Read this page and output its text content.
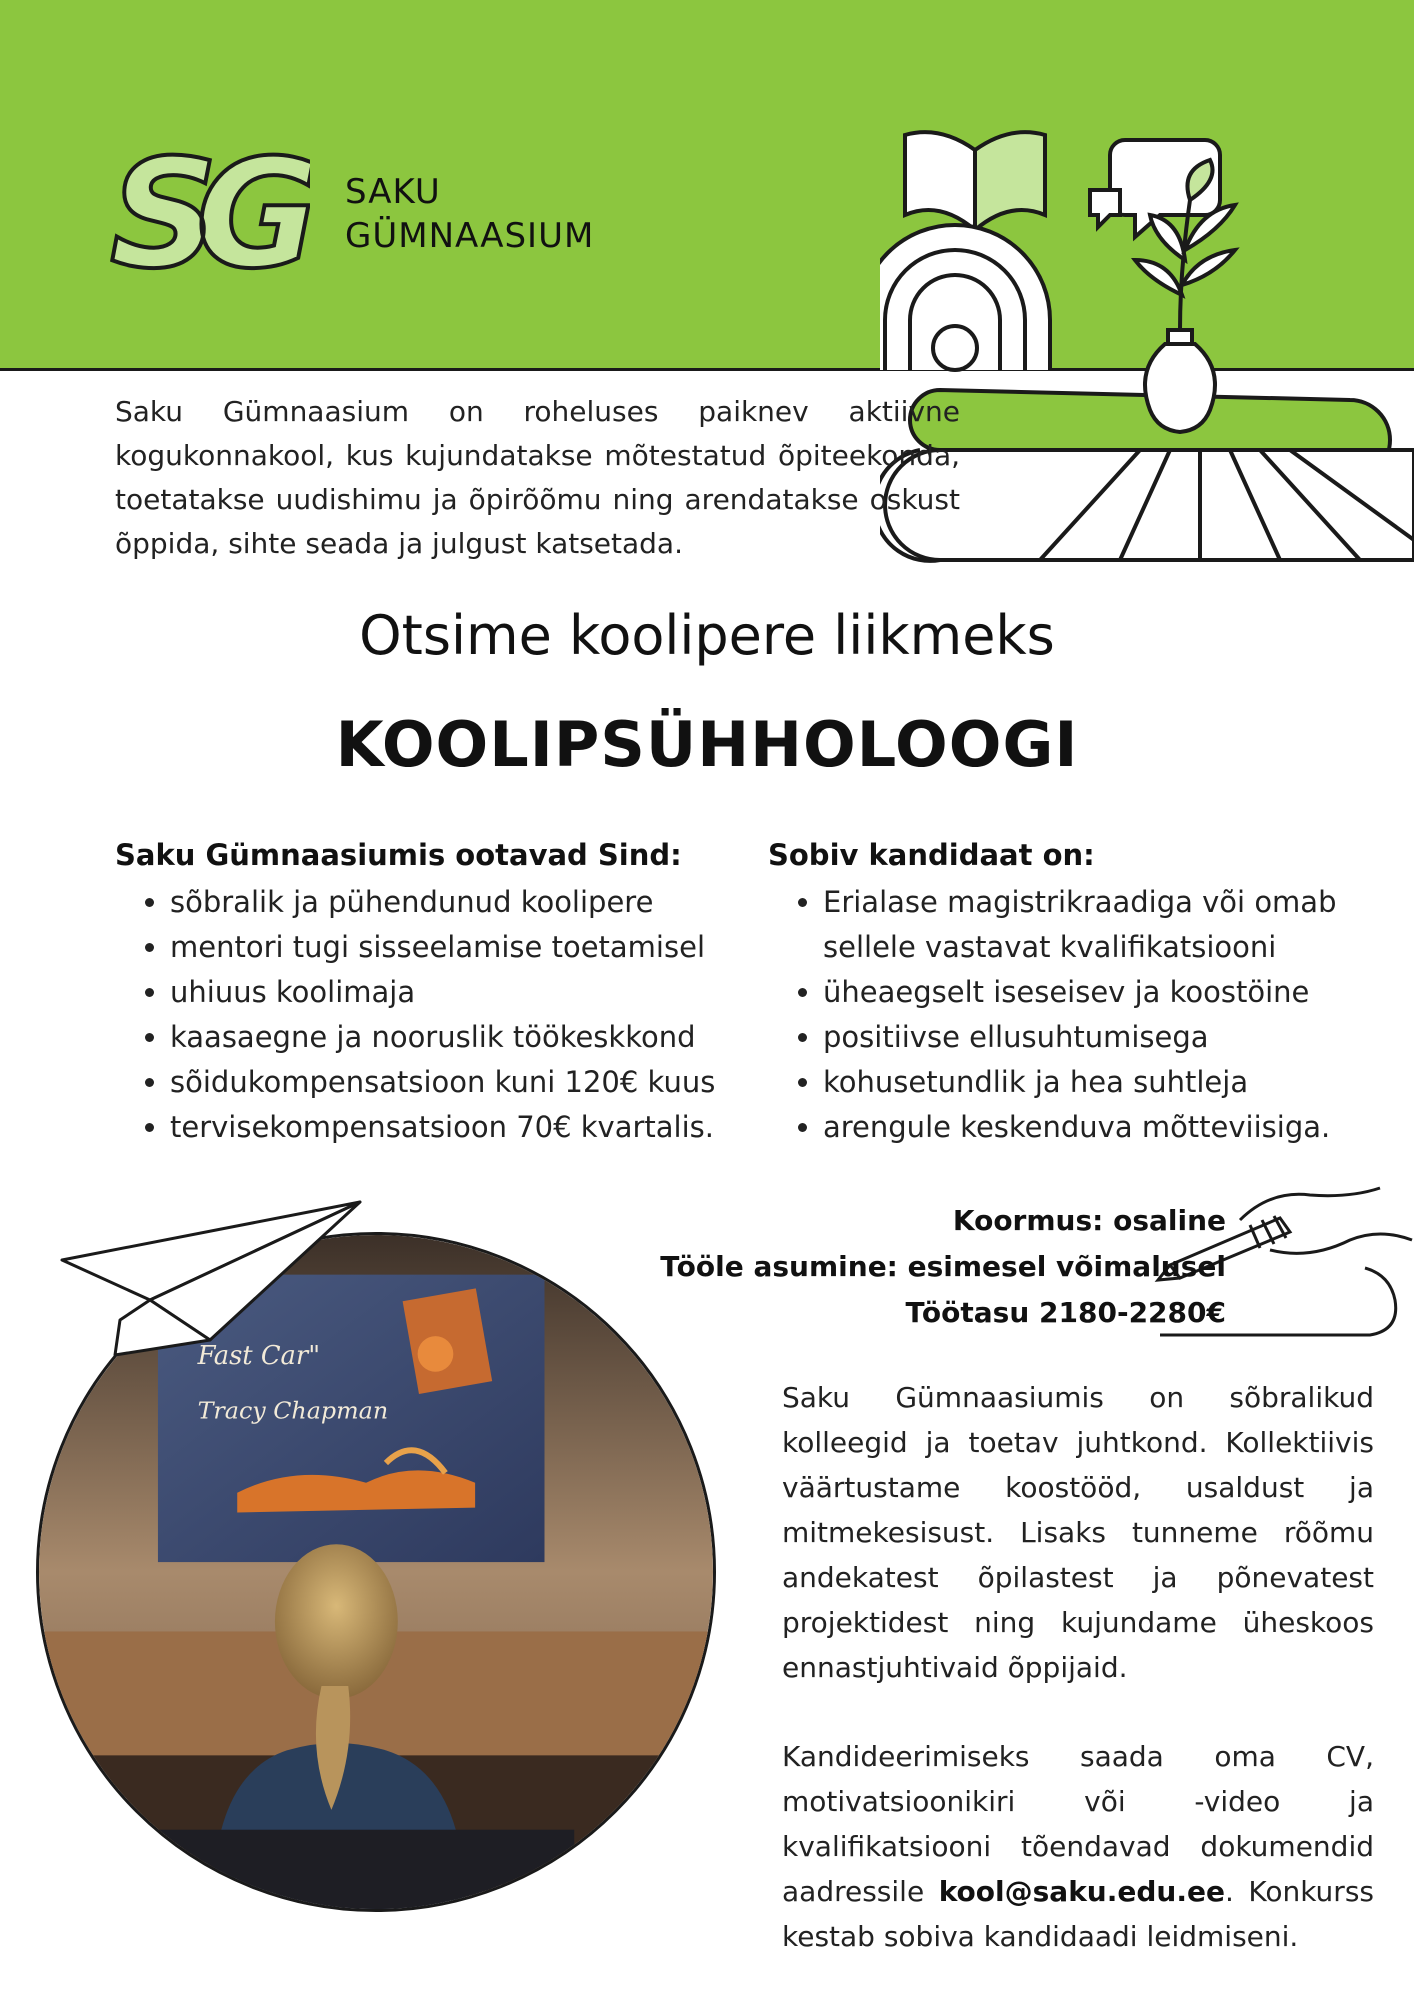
SG	SAKU
GÜMNAASIUM

Saku Gümnaasium on roheluses paiknev aktiivne kogukonnakool, kus kujundatakse mõtestatud õpiteekonda, toetatakse uudishimu ja õpirõõmu ning arendatakse oskust õppida, sihte seada ja julgust katsetada.

Otsime koolipere liikmeks
KOOLIPSÜHHOLOOGI
Saku Gümnaasiumis ootavad Sind:
• sõbralik ja pühendunud koolipere
• mentori tugi sisseelamise toetamisel
• uhiuus koolimaja
• kaasaegne ja nooruslik töökeskkond
• sõidukompensatsioon kuni 120€ kuus
• tervisekompensatsioon 70€ kvartalis.
Sobiv kandidaat on:
• Erialase magistrikraadiga või omab sellele vastavat kvalifikatsiooni
• üheaegselt iseseisev ja koostöine
• positiivse ellusuhtumisega
• kohusetundlik ja hea suhtleja
• arengule keskenduva mõtteviisiga.
Koormus: osaline
Tööle asumine: esimesel võimalusel
Töötasu 2180-2280€
Fast Car"
Tracy Chapman	Saku Gümnaasiumis on sõbralikud kolleegid ja toetav juhtkond. Kollektiivis väärtustame koostööd, usaldust ja mitmekesisust. Lisaks tunneme rõõmu andekatest õpilastest ja põnevatest projektidest ning kujundame üheskoos ennastjuhtivaid õppijaid.

Kandideerimiseks saada oma CV, motivatsioonikiri või -video ja kvalifikatsiooni tõendavad dokumendid aadressile kool@saku.edu.ee. Konkurss kestab sobiva kandidaadi leidmiseni.
